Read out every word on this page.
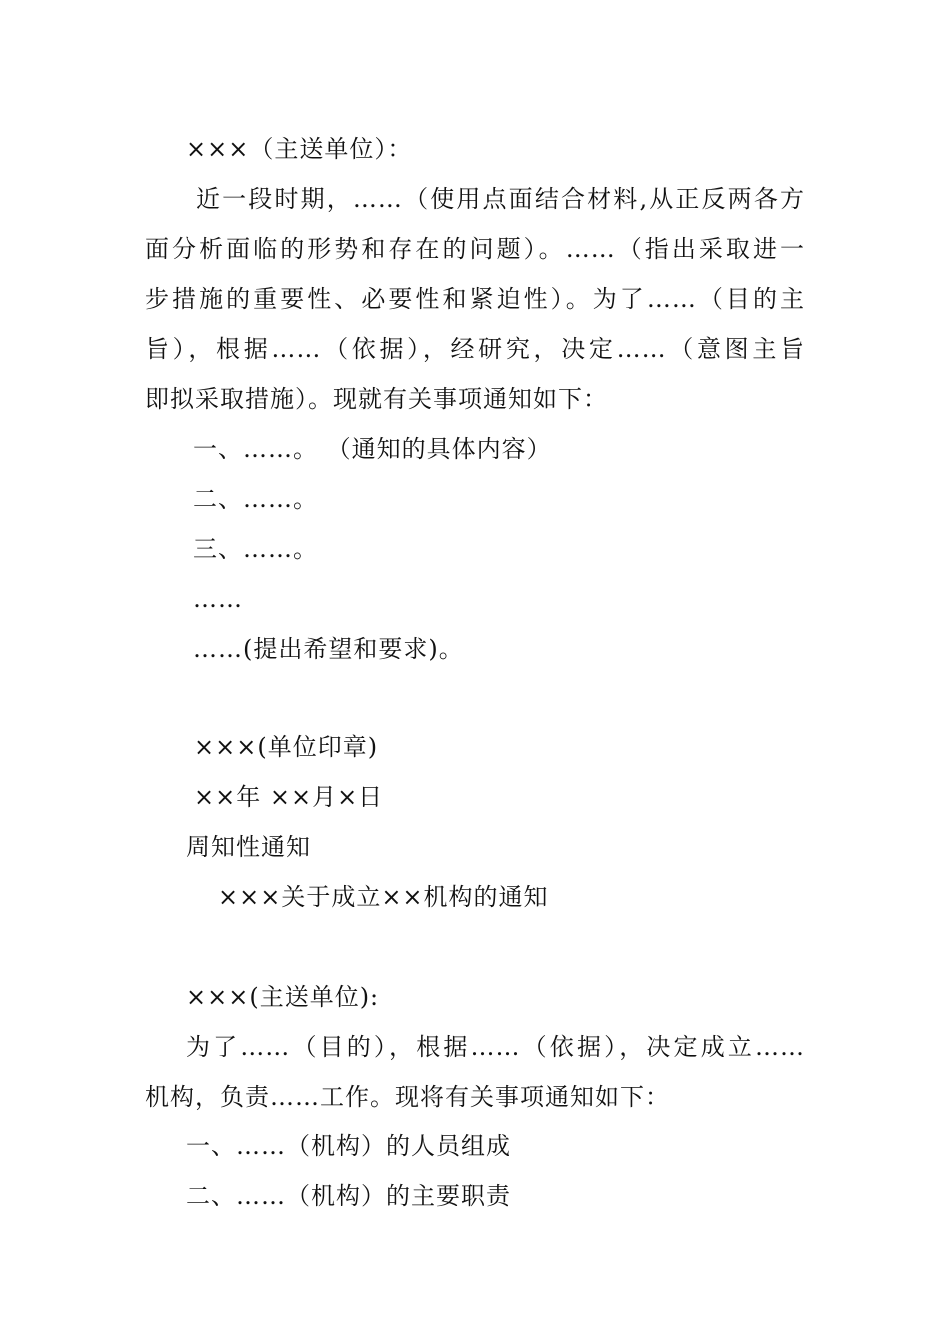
×××（主送单位）：
近一段时期，……（使用点面结合材料,从正反两各方
面分析面临的形势和存在的问题）。……（指出采取进一
步措施的重要性、必要性和紧迫性）。为了……（目的主
旨），根据……（依据），经研究，决定……（意图主旨
即拟采取措施）。现就有关事项通知如下：
一、……。 （通知的具体内容）
二、……。
三、……。
……
……(提出希望和要求)。
×××(单位印章)
××年 ××月×日
周知性通知
×××关于成立××机构的通知
×××(主送单位):
为了……（目的），根据……（依据），决定成立……
机构，负责……工作。现将有关事项通知如下：
一、……（机构）的人员组成
二、……（机构）的主要职责
